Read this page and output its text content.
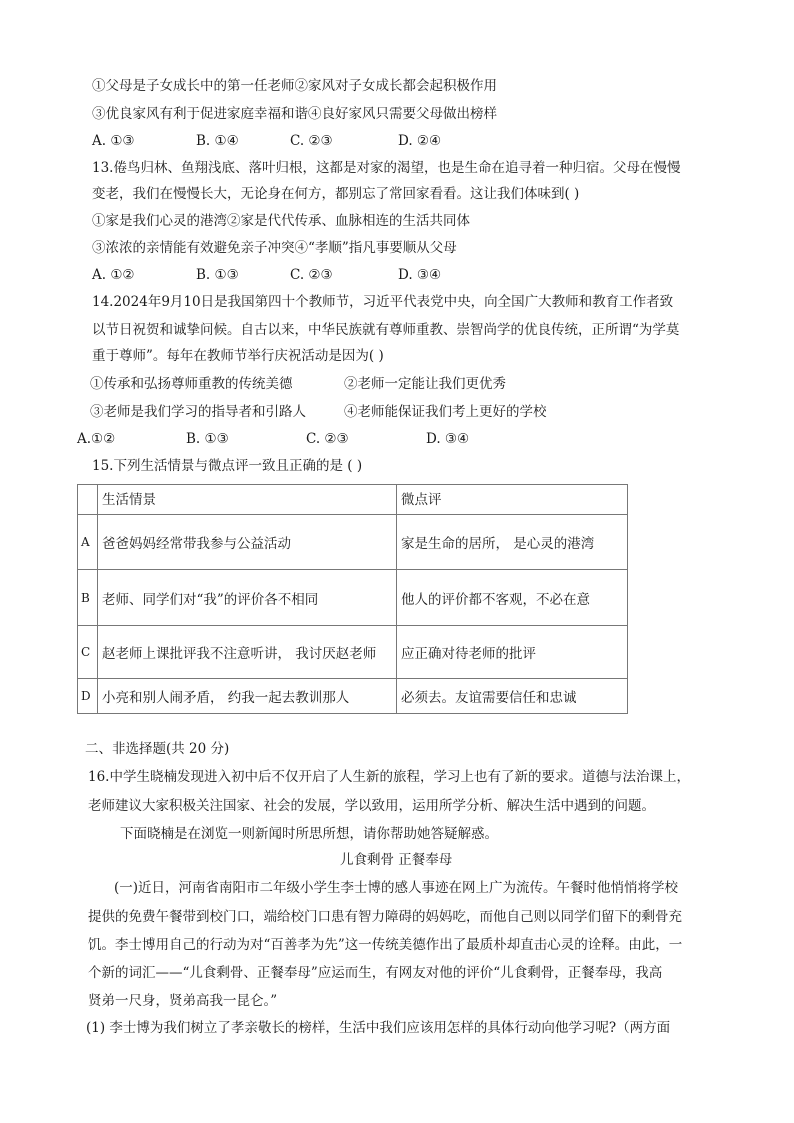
①父母是子女成长中的第一任老师②家风对子女成长都会起积极作用
③优良家风有利于促进家庭幸福和谐④良好家风只需要父母做出榜样
A. ①③	B. ①④	C. ②③	D. ②④
13.倦鸟归林、鱼翔浅底、落叶归根，这都是对家的渴望，也是生命在追寻着一种归宿。父母在慢慢
变老，我们在慢慢长大，无论身在何方，都别忘了常回家看看。这让我们体味到( )
①家是我们心灵的港湾②家是代代传承、血脉相连的生活共同体
③浓浓的亲情能有效避免亲子冲突④“孝顺”指凡事要顺从父母
A. ①②	B. ①③	C. ②③	D. ③④
14.2024年9月10日是我国第四十个教师节，习近平代表党中央，向全国广大教师和教育工作者致
以节日祝贺和诚挚问候。自古以来，中华民族就有尊师重教、崇智尚学的优良传统，正所谓“为学莫
重于尊师”。每年在教师节举行庆祝活动是因为( )
①传承和弘扬尊师重教的传统美德	②老师一定能让我们更优秀
③老师是我们学习的指导者和引路人	④老师能保证我们考上更好的学校
A.①②	B. ①③	C. ②③	D. ③④
15.下列生活情景与微点评一致且正确的是 ( )
	生活情景	微点评
A	爸爸妈妈经常带我参与公益活动	家是生命的居所， 是心灵的港湾
B	老师、同学们对“我”的评价各不相同	他人的评价都不客观，不必在意
C	赵老师上课批评我不注意听讲， 我讨厌赵老师	应正确对待老师的批评
D	小亮和别人闹矛盾， 约我一起去教训那人	必须去。友谊需要信任和忠诚
二、非选择题(共 20 分)
16.中学生晓楠发现进入初中后不仅开启了人生新的旅程，学习上也有了新的要求。道德与法治课上，
老师建议大家积极关注国家、社会的发展，学以致用，运用所学分析、解决生活中遇到的问题。
下面晓楠是在浏览一则新闻时所思所想，请你帮助她答疑解惑。
儿食剩骨 正餐奉母
(一)近日，河南省南阳市二年级小学生李士博的感人事迹在网上广为流传。午餐时他悄悄将学校
提供的免费午餐带到校门口，端给校门口患有智力障碍的妈妈吃，而他自己则以同学们留下的剩骨充
饥。李士博用自己的行动为对“百善孝为先”这一传统美德作出了最质朴却直击心灵的诠释。由此，一
个新的词汇——“儿食剩骨、正餐奉母”应运而生，有网友对他的评价“儿食剩骨，正餐奉母，我高
贤弟一尺身，贤弟高我一昆仑。”
(1) 李士博为我们树立了孝亲敬长的榜样，生活中我们应该用怎样的具体行动向他学习呢?（两方面
